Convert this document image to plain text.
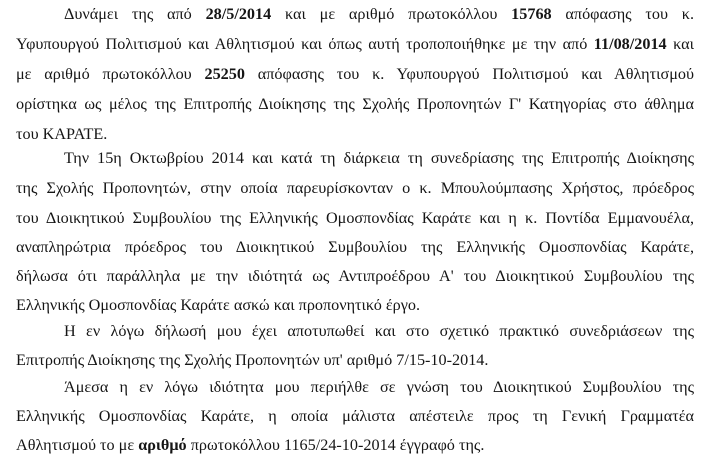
Δυνάμει της από 28/5/2014 και με αριθμό πρωτοκόλλου 15768 απόφασης του κ.
Υφυπουργού Πολιτισμού και Αθλητισμού και όπως αυτή τροποποιήθηκε με την από 11/08/2014 και
με αριθμό πρωτοκόλλου 25250 απόφασης του κ. Υφυπουργού Πολιτισμού και Αθλητισμού
ορίστηκα ως μέλος της Επιτροπής Διοίκησης της Σχολής Προπονητών Γ' Κατηγορίας στο άθλημα
του ΚΑΡΑΤΕ.
Την 15η Οκτωβρίου 2014 και κατά τη διάρκεια τη συνεδρίασης της Επιτροπής Διοίκησης
της Σχολής Προπονητών, στην οποία παρευρίσκονταν ο κ. Μπουλούμπασης Χρήστος, πρόεδρος
του Διοικητικού Συμβουλίου της Ελληνικής Ομοσπονδίας Καράτε και η κ. Ποντίδα Εμμανουέλα,
αναπληρώτρια πρόεδρος του Διοικητικού Συμβουλίου της Ελληνικής Ομοσπονδίας Καράτε,
δήλωσα ότι παράλληλα με την ιδιότητά ως Αντιπροέδρου Α' του Διοικητικού Συμβουλίου της
Ελληνικής Ομοσπονδίας Καράτε ασκώ και προπονητικό έργο.
Η εν λόγω δήλωσή μου έχει αποτυπωθεί και στο σχετικό πρακτικό συνεδριάσεων της
Επιτροπής Διοίκησης της Σχολής Προπονητών υπ' αριθμό 7/15-10-2014.
Άμεσα η εν λόγω ιδιότητα μου περιήλθε σε γνώση του Διοικητικού Συμβουλίου της
Ελληνικής Ομοσπονδίας Καράτε, η οποία μάλιστα απέστειλε προς τη Γενική Γραμματέα
Αθλητισμού το με αριθμό πρωτοκόλλου 1165/24-10-2014 έγγραφό της.
